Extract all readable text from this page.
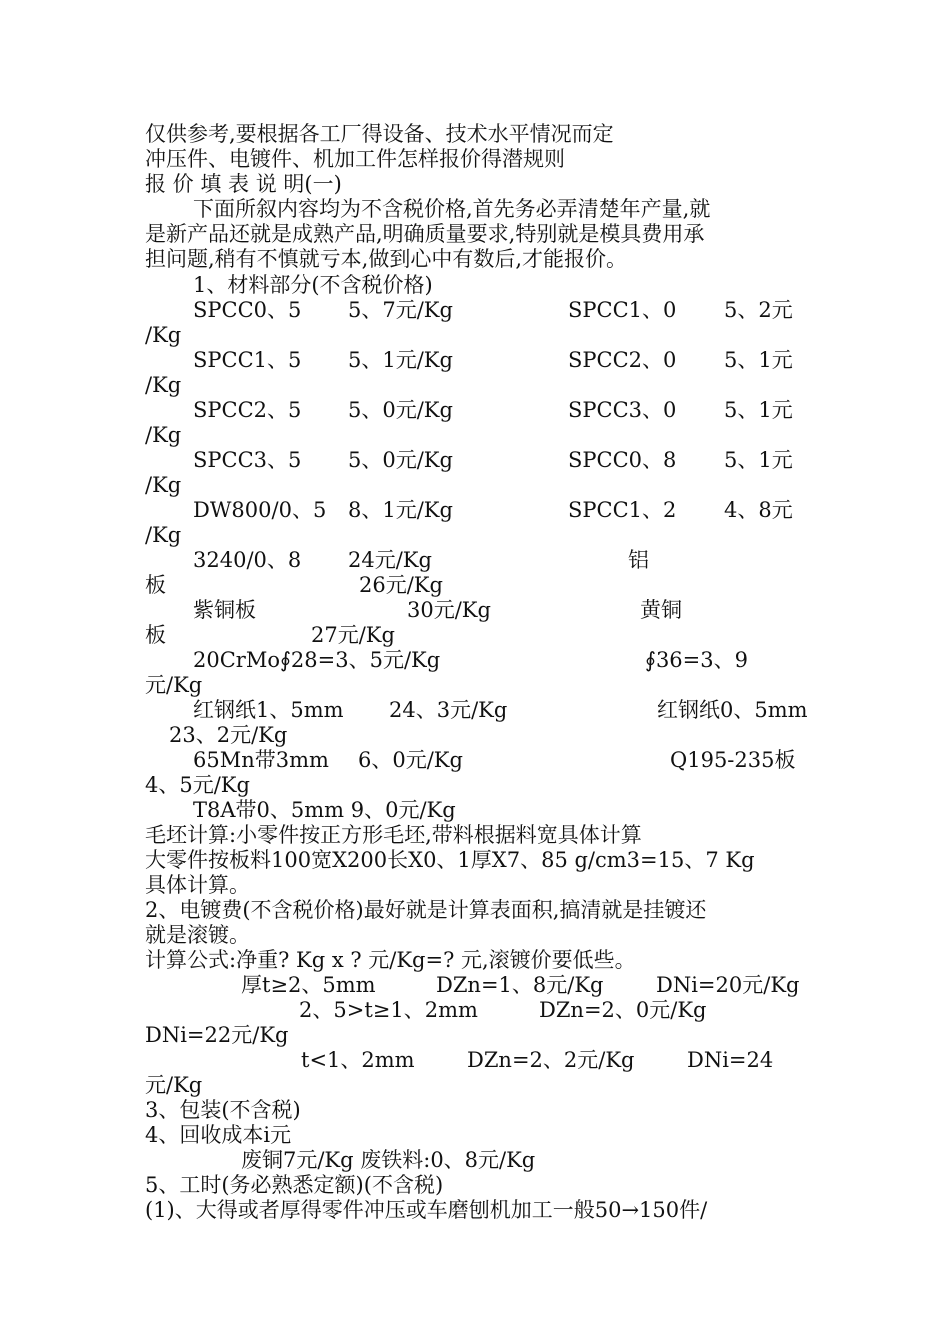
仅供参考,要根据各工厂得设备、技术水平情况而定
冲压件、电镀件、机加工件怎样报价得潜规则
报 价 填 表 说 明(一)
下面所叙内容均为不含税价格,首先务必弄清楚年产量,就
是新产品还就是成熟产品,明确质量要求,特别就是模具费用承
担问题,稍有不慎就亏本,做到心中有数后,才能报价。
1、材料部分(不含税价格)
SPCC0、5 5、7元/Kg	SPCC1、0 5、2元
/Kg
SPCC1、5 5、1元/Kg	SPCC2、0 5、1元
/Kg
SPCC2、5 5、0元/Kg	SPCC3、0 5、1元
/Kg
SPCC3、5 5、0元/Kg	SPCC0、8 5、1元
/Kg
DW800/0、5 8、1元/Kg	SPCC1、2 4、8元
/Kg
3240/0、8 24元/Kg	铝
板	26元/Kg
紫铜板	30元/Kg	黄铜
板	27元/Kg
20CrMo∮28=3、5元/Kg	∮36=3、9
元/Kg
红钢纸1、5mm 24、3元/Kg	红钢纸0、5mm
23、2元/Kg
65Mn带3mm 6、0元/Kg	Q195-235板
4、5元/Kg
T8A带0、5mm 9、0元/Kg
毛坯计算:小零件按正方形毛坯,带料根据料宽具体计算
大零件按板料100宽X200长X0、1厚X7、85 g/cm3=15、7 Kg
具体计算。
2、电镀费(不含税价格)最好就是计算表面积,搞清就是挂镀还
就是滚镀。
计算公式:净重? Kg x ? 元/Kg=? 元,滚镀价要低些。
厚t≥2、5mm	DZn=1、8元/Kg	DNi=20元/Kg
2、5>t≥1、2mm	DZn=2、0元/Kg
DNi=22元/Kg
t<1、2mm DZn=2、2元/Kg	DNi=24
元/Kg
3、包装(不含税)
4、回收成本i元
废铜7元/Kg 废铁料:0、8元/Kg
5、工时(务必熟悉定额)(不含税)
(1)、大得或者厚得零件冲压或车磨刨机加工一般50→150件/
